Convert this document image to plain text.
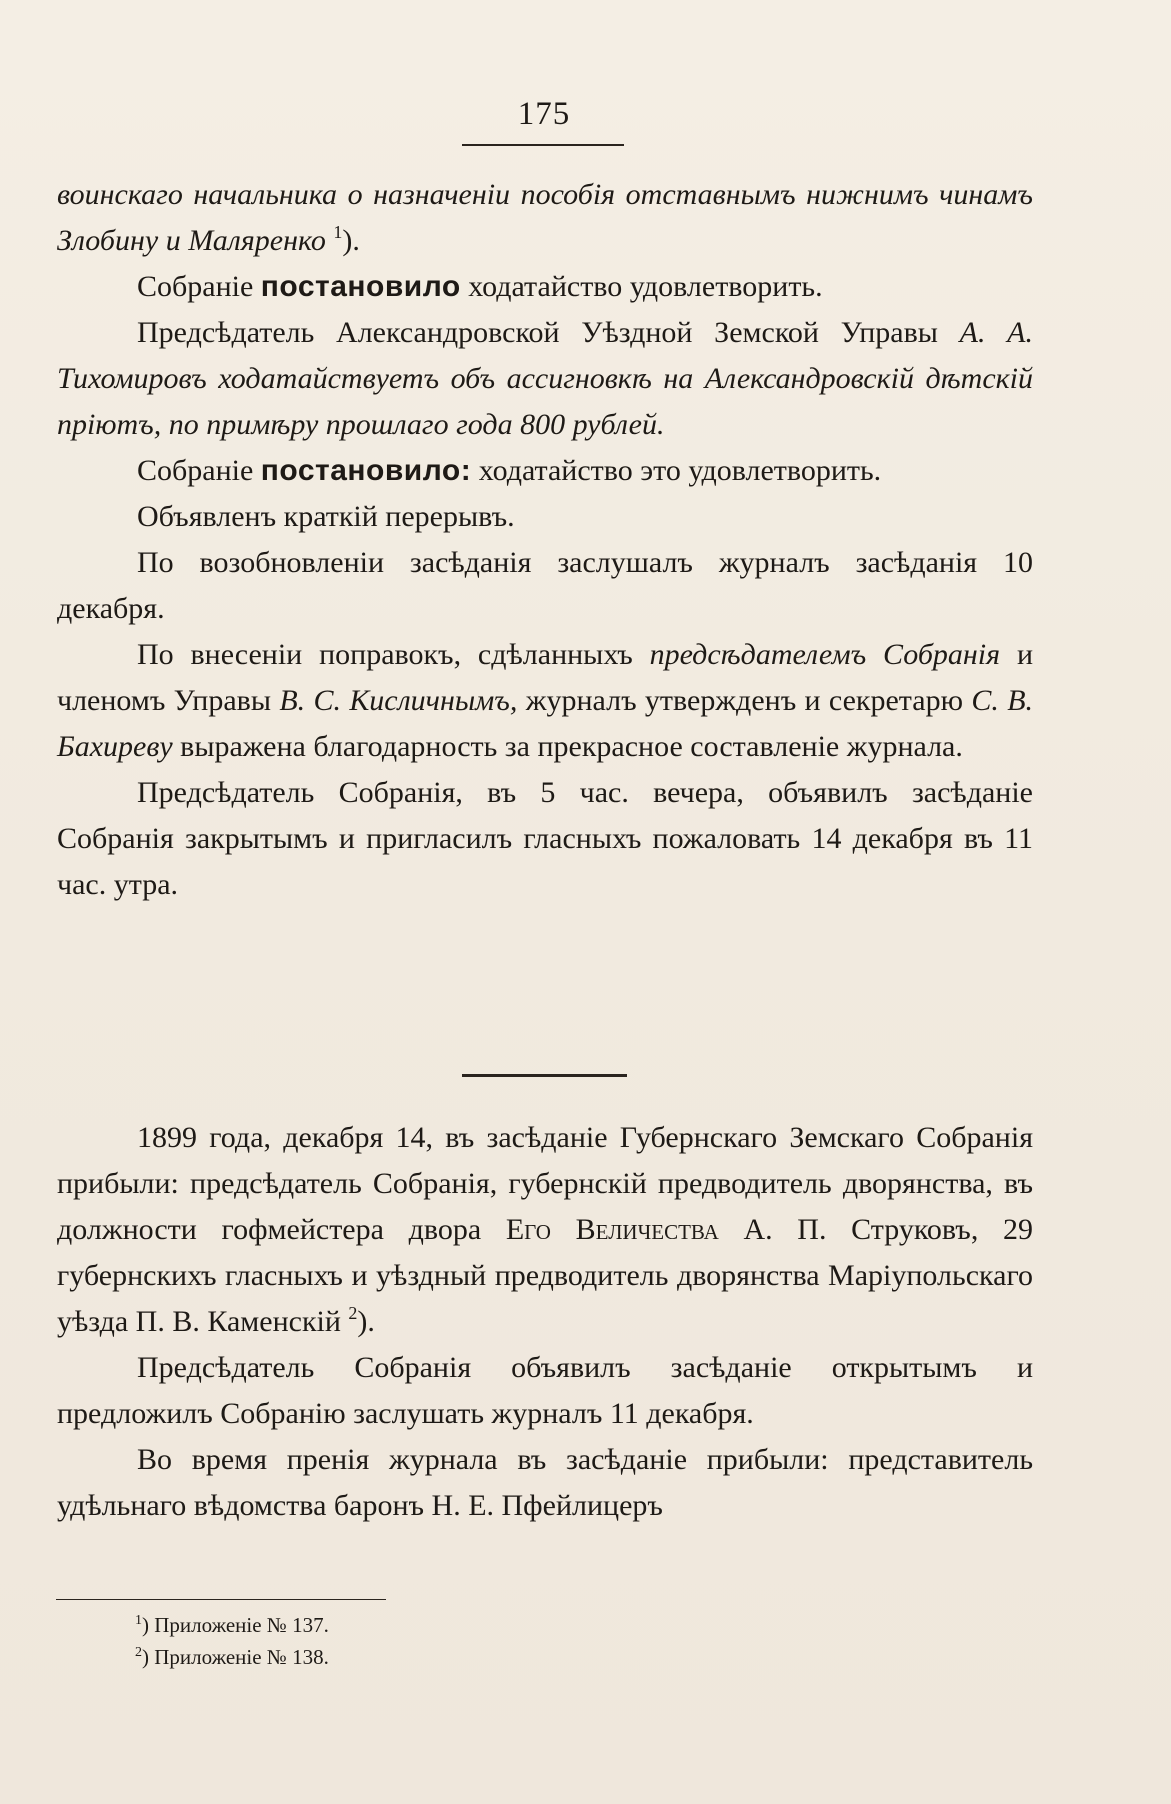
175

воинскаго начальника о назначеніи пособія отставнымъ нижнимъ чинамъ Злобину и Маляренко $^1$).

Собраніе постановило ходатайство удовлетворить.

Предсѣдатель Александровской Уѣздной Земской Управы А. А. Тихомировъ ходатайствуетъ объ ассигновкѣ на Александровскій дѣтскій пріютъ, по примѣру прошлаго года 800 рублей.

Собраніе постановило: ходатайство это удовлетворить.

Объявленъ краткій перерывъ.

По возобновленіи засѣданія заслушалъ журналъ засѣданія 10 декабря.

По внесеніи поправокъ, сдѣланныхъ предсѣдателемъ Собранія и членомъ Управы В. С. Кисличнымъ, журналъ утвержденъ и секретарю С. В. Бахиреву выражена благодарность за прекрасное составленіе журнала.

Предсѣдатель Собранія, въ 5 час. вечера, объявилъ засѣданіе Собранія закрытымъ и пригласилъ гласныхъ пожаловать 14 декабря въ 11 час. утра.

1899 года, декабря 14, въ засѣданіе Губернскаго Земскаго Собранія прибыли: предсѣдатель Собранія, губернскій предводитель дворянства, въ должности гофмейстера двора Его Величества А. П. Струковъ, 29 губернскихъ гласныхъ и уѣздный предводитель дворянства Маріупольскаго уѣзда П. В. Каменскій $^2$).

Предсѣдатель Собранія объявилъ засѣданіе открытымъ и предложилъ Собранію заслушать журналъ 11 декабря.

Во время пренія журнала въ засѣданіе прибыли: представитель удѣльнаго вѣдомства баронъ Н. Е. Пфейлицеръ

$^1$) Приложеніе № 137.
$^2$) Приложеніе № 138.
